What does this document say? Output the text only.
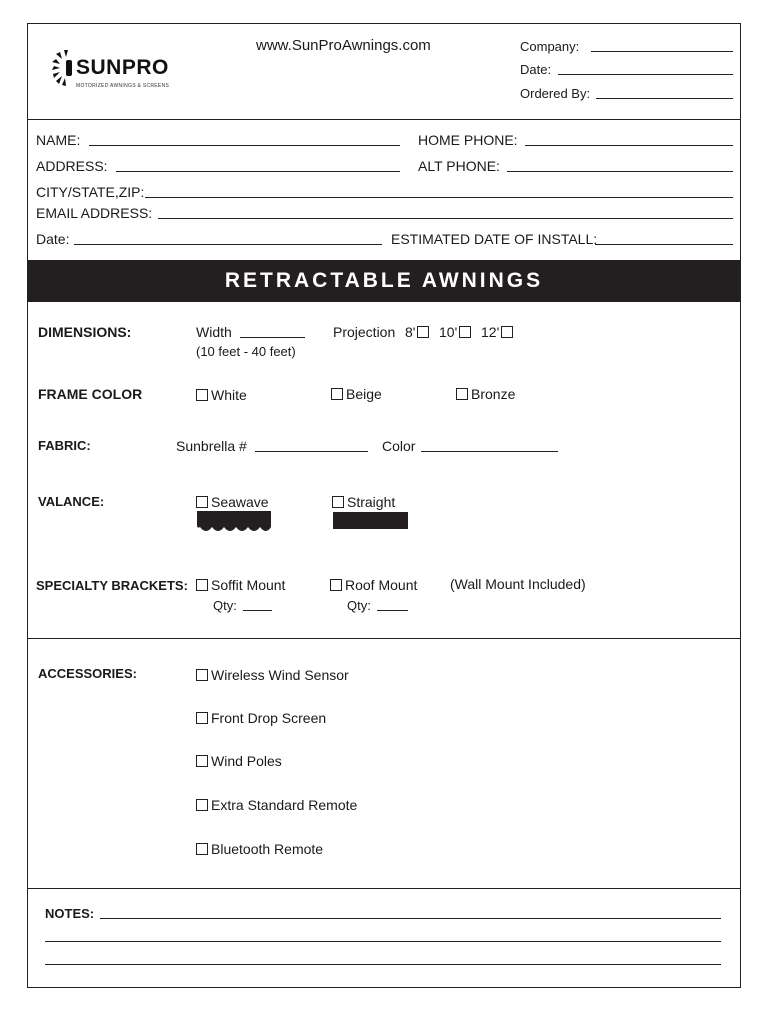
SUNPRO
MOTORIZED AWNINGS & SCREENS
www.SunProAwnings.com	Company:
Date:
Ordered By:
NAME:	HOME PHONE:
ADDRESS:	ALT PHONE:
CITY/STATE,ZIP:
EMAIL ADDRESS:
Date:	ESTIMATED DATE OF INSTALL:
RETRACTABLE AWNINGS
DIMENSIONS:	Width
(10 feet - 40 feet)
Projection 8'	10'	12'
FRAME COLOR	White	Beige	Bronze
FABRIC:	Sunbrella #	Color
VALANCE:	Seawave	Straight
SPECIALTY BRACKETS:	Soffit Mount
Qty:
Roof Mount
Qty:
(Wall Mount Included)
ACCESSORIES:	Wireless Wind Sensor
Front Drop Screen
Wind Poles
Extra Standard Remote
Bluetooth Remote
NOTES:
